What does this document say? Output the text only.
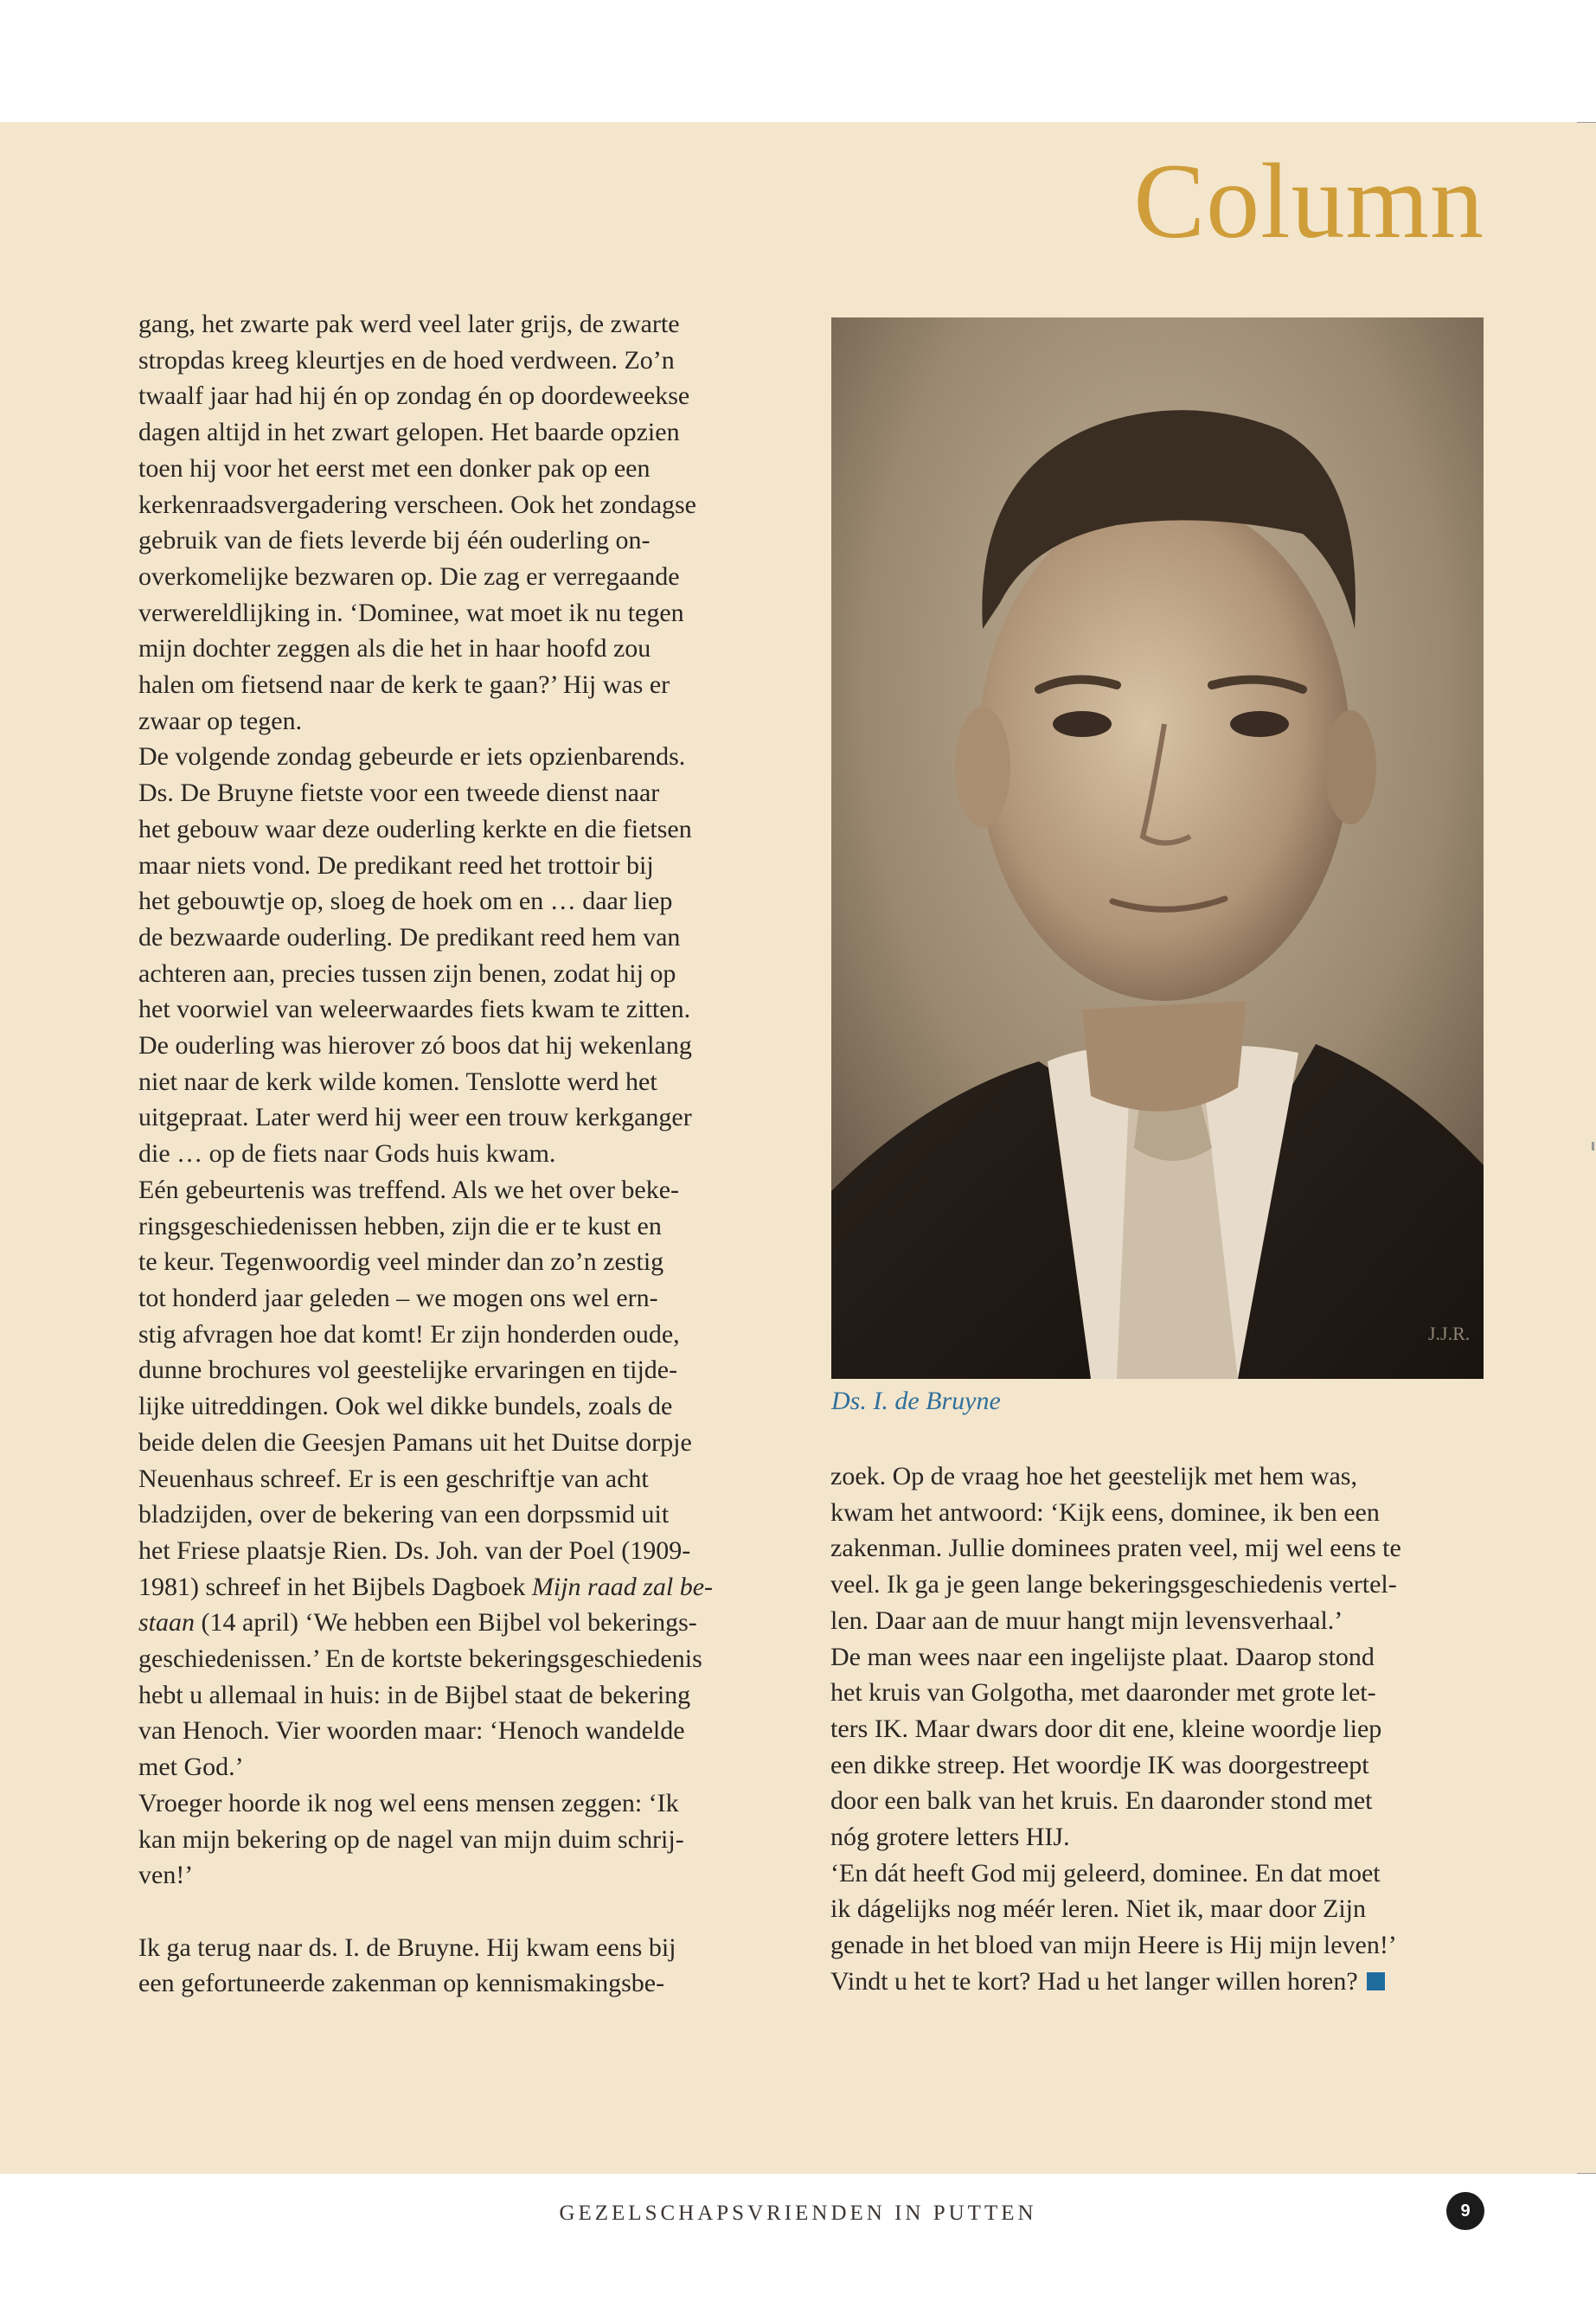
Column

gang, het zwarte pak werd veel later grijs, de zwarte

stropdas kreeg kleurtjes en de hoed verdween. Zo’n

twaalf jaar had hij én op zondag én op doordeweekse

dagen altijd in het zwart gelopen. Het baarde opzien

toen hij voor het eerst met een donker pak op een

kerkenraadsvergadering verscheen. Ook het zondagse

gebruik van de fiets leverde bij één ouderling on-

overkomelijke bezwaren op. Die zag er verregaande

verwereldlijking in. ‘Dominee, wat moet ik nu tegen

mijn dochter zeggen als die het in haar hoofd zou

halen om fietsend naar de kerk te gaan?’ Hij was er

zwaar op tegen.

De volgende zondag gebeurde er iets opzienbarends.

Ds. De Bruyne fietste voor een tweede dienst naar

het gebouw waar deze ouderling kerkte en die fietsen

maar niets vond. De predikant reed het trottoir bij

het gebouwtje op, sloeg de hoek om en … daar liep

de bezwaarde ouderling. De predikant reed hem van

achteren aan, precies tussen zijn benen, zodat hij op

het voorwiel van weleerwaardes fiets kwam te zitten.

De ouderling was hierover zó boos dat hij wekenlang

niet naar de kerk wilde komen. Tenslotte werd het

uitgepraat. Later werd hij weer een trouw kerkganger

die … op de fiets naar Gods huis kwam.

Eén gebeurtenis was treffend. Als we het over beke-

ringsgeschiedenissen hebben, zijn die er te kust en

te keur. Tegenwoordig veel minder dan zo’n zestig

tot honderd jaar geleden – we mogen ons wel ern-

stig afvragen hoe dat komt! Er zijn honderden oude,

dunne brochures vol geestelijke ervaringen en tijde-

lijke uitreddingen. Ook wel dikke bundels, zoals de

beide delen die Geesjen Pamans uit het Duitse dorpje

Neuenhaus schreef. Er is een geschriftje van acht

bladzijden, over de bekering van een dorpssmid uit

het Friese plaatsje Rien. Ds. Joh. van der Poel (1909-

1981) schreef in het Bijbels Dagboek Mijn raad zal be-

staan (14 april) ‘We hebben een Bijbel vol bekerings-

geschiedenissen.’ En de kortste bekeringsgeschiedenis

hebt u allemaal in huis: in de Bijbel staat de bekering

van Henoch. Vier woorden maar: ‘Henoch wandelde

met God.’

Vroeger hoorde ik nog wel eens mensen zeggen: ‘Ik

kan mijn bekering op de nagel van mijn duim schrij-

ven!’

Ik ga terug naar ds. I. de Bruyne. Hij kwam eens bij

een gefortuneerde zakenman op kennismakingsbe-

J.J.R.
Ds. I. de Bruyne

zoek. Op de vraag hoe het geestelijk met hem was,

kwam het antwoord: ‘Kijk eens, dominee, ik ben een

zakenman. Jullie dominees praten veel, mij wel eens te

veel. Ik ga je geen lange bekeringsgeschiedenis vertel-

len. Daar aan de muur hangt mijn levensverhaal.’

De man wees naar een ingelijste plaat. Daarop stond

het kruis van Golgotha, met daaronder met grote let-

ters IK. Maar dwars door dit ene, kleine woordje liep

een dikke streep. Het woordje IK was doorgestreept

door een balk van het kruis. En daaronder stond met

nóg grotere letters HIJ.

‘En dát heeft God mij geleerd, dominee. En dat moet

ik dágelijks nog méér leren. Niet ik, maar door Zijn

genade in het bloed van mijn Heere is Hij mijn leven!’

Vindt u het te kort? Had u het langer willen horen?

GEZELSCHAPSVRIENDEN IN PUTTEN	9
